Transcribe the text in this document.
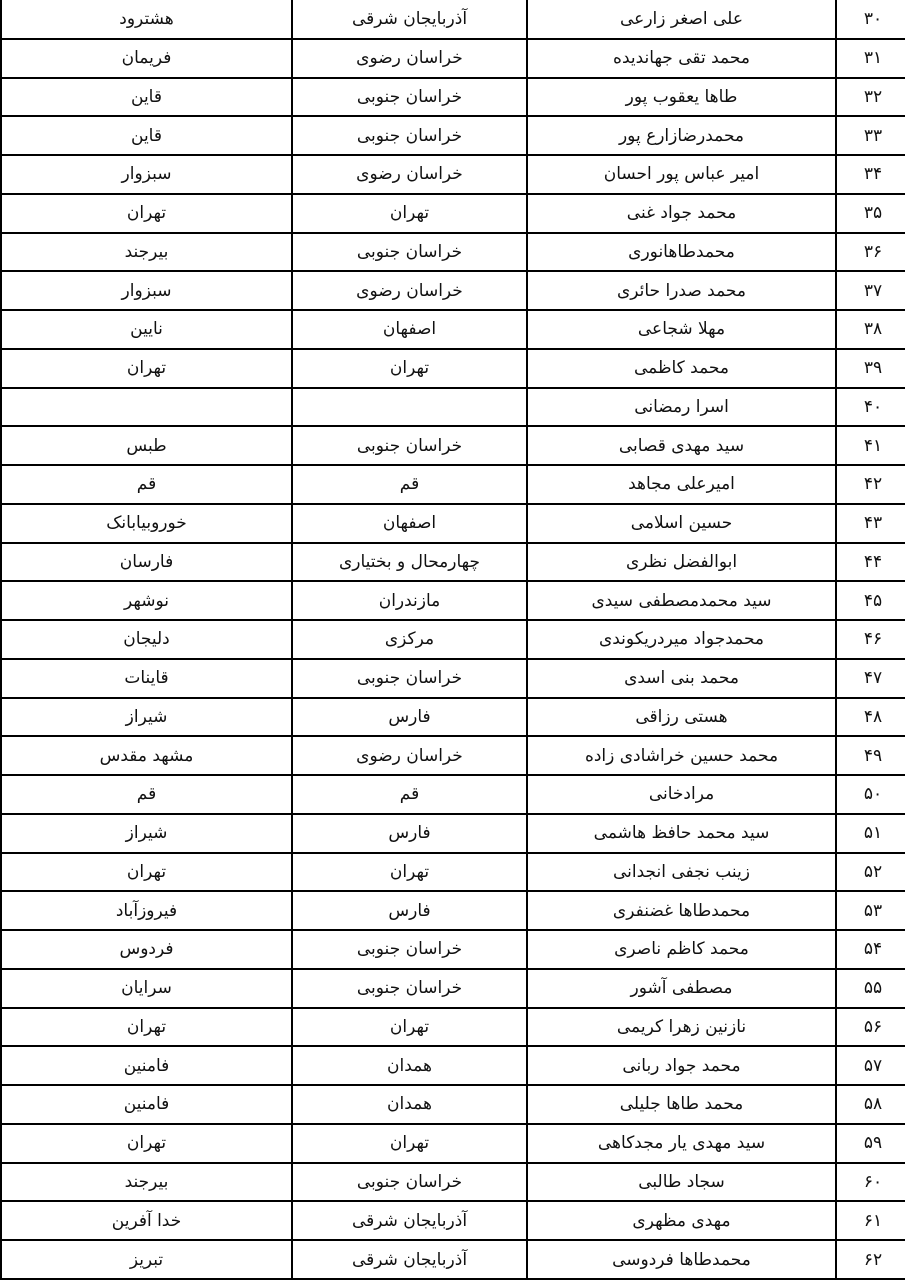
۳۰	علی اصغر زارعی	آذربایجان شرقی	هشترود
۳۱	محمد تقی جهاندیده	خراسان رضوی	فریمان
۳۲	طاها یعقوب پور	خراسان جنوبی	قاین
۳۳	محمدرضازارع پور	خراسان جنوبی	قاین
۳۴	امیر عباس پور احسان	خراسان رضوی	سبزوار
۳۵	محمد جواد غنی	تهران	تهران
۳۶	محمدطاهانوری	خراسان جنوبی	بیرجند
۳۷	محمد صدرا حائری	خراسان رضوی	سبزوار
۳۸	مهلا شجاعی	اصفهان	نایین
۳۹	محمد کاظمی	تهران	تهران
۴۰	اسرا رمضانی		
۴۱	سید مهدی قصابی	خراسان جنوبی	طبس
۴۲	امیرعلی مجاهد	قم	قم
۴۳	حسین اسلامی	اصفهان	خوروبیابانک
۴۴	ابوالفضل نظری	چهارمحال و بختیاری	فارسان
۴۵	سید محمدمصطفی سیدی	مازندران	نوشهر
۴۶	محمدجواد میردریکوندی	مرکزی	دلیجان
۴۷	محمد بنی اسدی	خراسان جنوبی	قاینات
۴۸	هستی رزاقی	فارس	شیراز
۴۹	محمد حسین خراشادی زاده	خراسان رضوی	مشهد مقدس
۵۰	مرادخانی	قم	قم
۵۱	سید محمد حافظ هاشمی	فارس	شیراز
۵۲	زینب نجفی انجدانی	تهران	تهران
۵۳	محمدطاها غضنفری	فارس	فیروزآباد
۵۴	محمد کاظم ناصری	خراسان جنوبی	فردوس
۵۵	مصطفی آشور	خراسان جنوبی	سرایان
۵۶	نازنین زهرا کریمی	تهران	تهران
۵۷	محمد جواد ربانی	همدان	فامنین
۵۸	محمد طاها جلیلی	همدان	فامنین
۵۹	سید مهدی یار مجدکاهی	تهران	تهران
۶۰	سجاد طالبی	خراسان جنوبی	بیرجند
۶۱	مهدی مظهری	آذربایجان شرقی	خدا آفرین
۶۲	محمدطاها فردوسی	آذربایجان شرقی	تبریز
